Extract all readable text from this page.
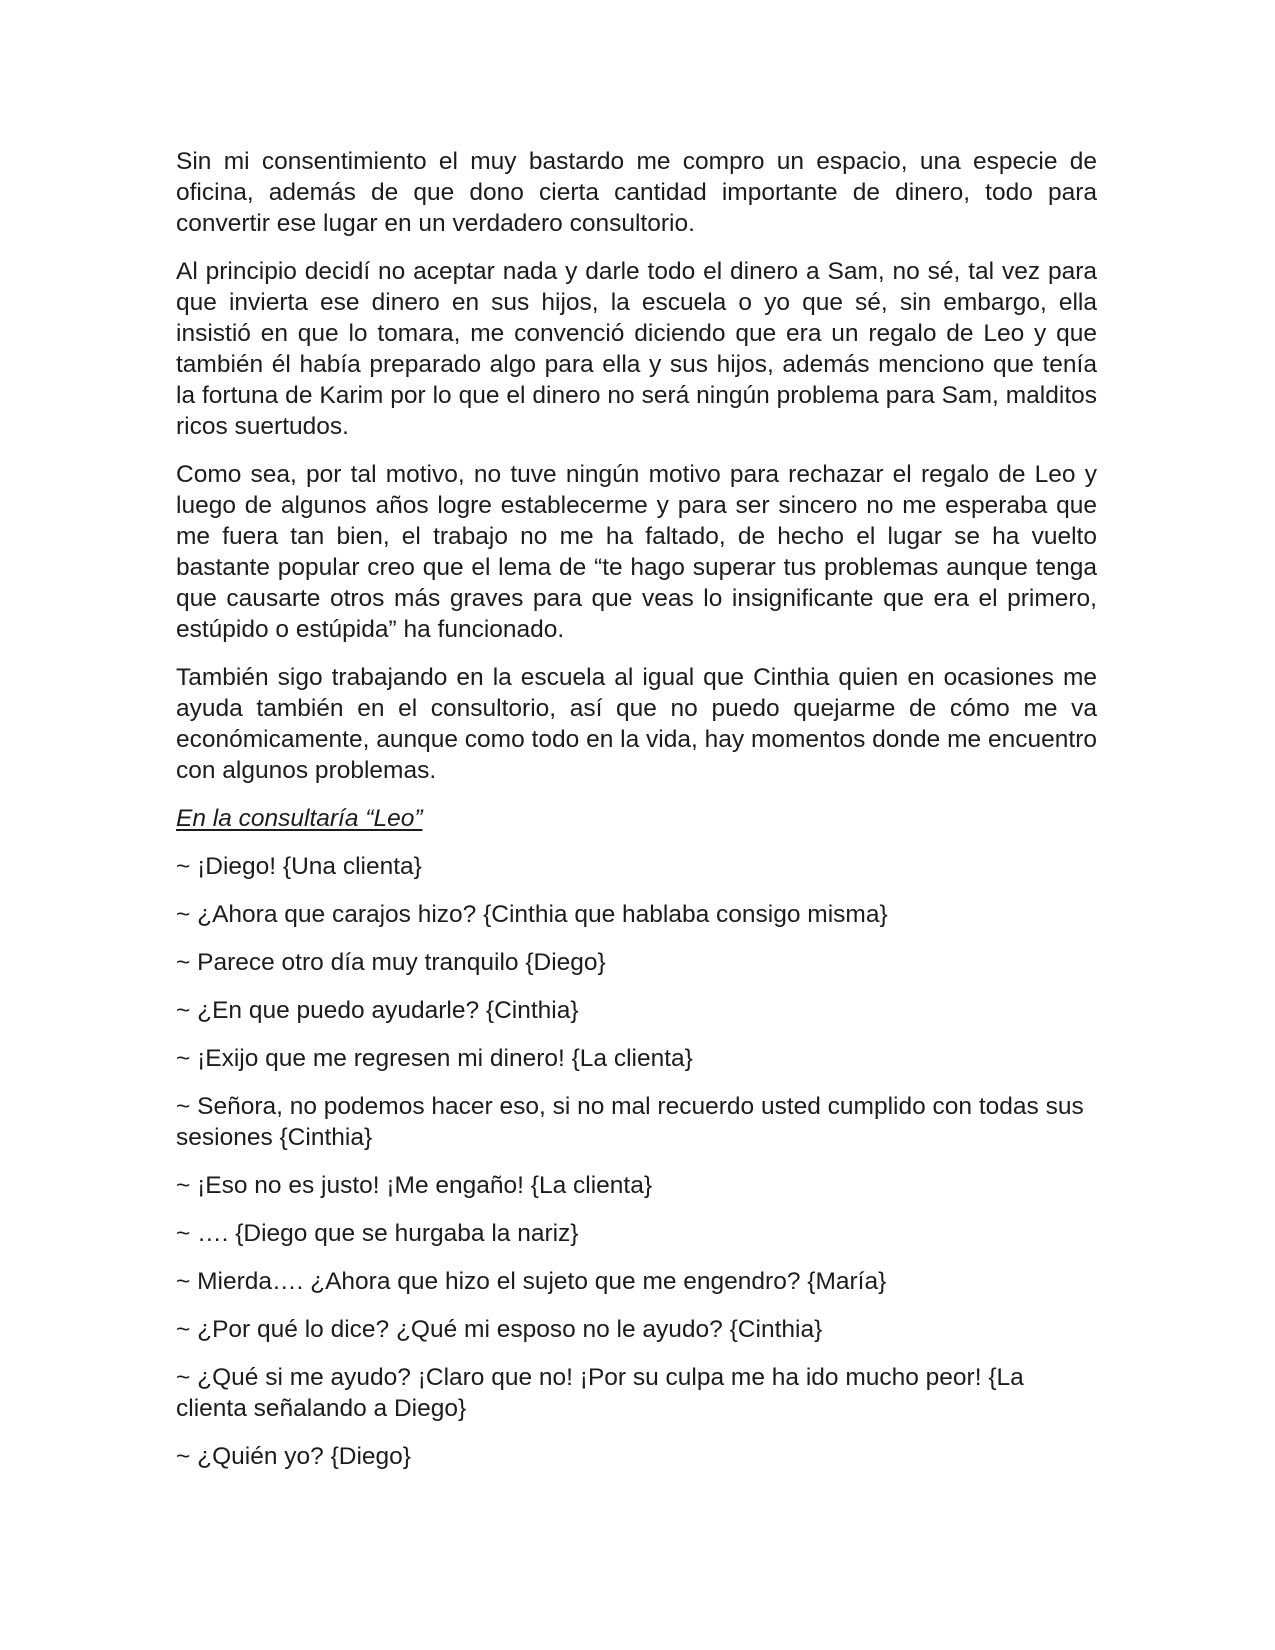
Sin mi consentimiento el muy bastardo me compro un espacio, una especie de oficina, además de que dono cierta cantidad importante de dinero, todo para convertir ese lugar en un verdadero consultorio.

Al principio decidí no aceptar nada y darle todo el dinero a Sam, no sé, tal vez para que invierta ese dinero en sus hijos, la escuela o yo que sé, sin embargo, ella insistió en que lo tomara, me convenció diciendo que era un regalo de Leo y que también él había preparado algo para ella y sus hijos, además menciono que tenía la fortuna de Karim por lo que el dinero no será ningún problema para Sam, malditos ricos suertudos.

Como sea, por tal motivo, no tuve ningún motivo para rechazar el regalo de Leo y luego de algunos años logre establecerme y para ser sincero no me esperaba que me fuera tan bien, el trabajo no me ha faltado, de hecho el lugar se ha vuelto bastante popular creo que el lema de “te hago superar tus problemas aunque tenga que causarte otros más graves para que veas lo insignificante que era el primero, estúpido o estúpida” ha funcionado.

También sigo trabajando en la escuela al igual que Cinthia quien en ocasiones me ayuda también en el consultorio, así que no puedo quejarme de cómo me va económicamente, aunque como todo en la vida, hay momentos donde me encuentro con algunos problemas.

En la consultaría “Leo”

~ ¡Diego! {Una clienta}

~ ¿Ahora que carajos hizo? {Cinthia que hablaba consigo misma}

~ Parece otro día muy tranquilo {Diego}

~ ¿En que puedo ayudarle? {Cinthia}

~ ¡Exijo que me regresen mi dinero! {La clienta}

~ Señora, no podemos hacer eso, si no mal recuerdo usted cumplido con todas sus sesiones {Cinthia}

~ ¡Eso no es justo! ¡Me engaño! {La clienta}

~ …. {Diego que se hurgaba la nariz}

~ Mierda…. ¿Ahora que hizo el sujeto que me engendro? {María}

~ ¿Por qué lo dice? ¿Qué mi esposo no le ayudo? {Cinthia}

~ ¿Qué si me ayudo? ¡Claro que no! ¡Por su culpa me ha ido mucho peor! {La clienta señalando a Diego}

~ ¿Quién yo? {Diego}
